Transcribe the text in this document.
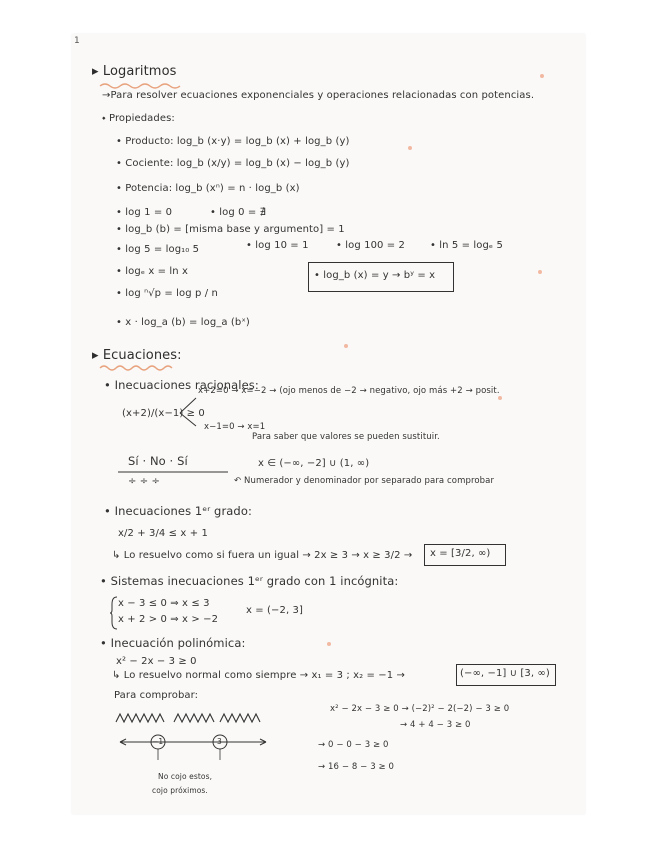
1
▸ Logaritmos
→Para resolver ecuaciones exponenciales y operaciones relacionadas con potencias.
⬩ Propiedades:
• Producto: log_b (x·y) = log_b (x) + log_b (y)
• Cociente: log_b (x/y) = log_b (x) − log_b (y)
• Potencia: log_b (xⁿ) = n · log_b (x)
• log 1 = 0	• log 0 = ∄
• log_b (b) = [misma base y argumento] = 1
• log 5 = log₁₀ 5	• log 10 = 1	• log 100 = 2	• ln 5 = logₑ 5
• logₑ x = ln x
• log ⁿ√p = log p / n
• log_b (x) = y → bʸ = x
• x · log_a (b) = log_a (bˣ)
▸ Ecuaciones:
• Inecuaciones racionales:
x+2=0 → x=−2 → (ojo menos de −2 → negativo, ojo más +2 → posit.
(x+2)/(x−1) ≥ 0
x−1=0 → x=1
Para saber que valores se pueden sustituir.
Sí · No · Sí
÷ ÷ ÷
x ∈ (−∞, −2] ∪ (1, ∞)
↶ Numerador y denominador por separado para comprobar
• Inecuaciones 1ᵉʳ grado:
x/2 + 3/4 ≤ x + 1
↳ Lo resuelvo como si fuera un igual → 2x ≥ 3 → x ≥ 3/2 → x = [3/2, ∞)
• Sistemas inecuaciones 1ᵉʳ grado con 1 incógnita:
x − 3 ≤ 0 ⇒ x ≤ 3
x + 2 > 0 ⇒ x > −2
x = (−2, 3]
• Inecuación polinómica:
x² − 2x − 3 ≥ 0
↳ Lo resuelvo normal como siempre → x₁ = 3 ; x₂ = −1 →	(−∞, −1] ∪ [3, ∞)
Para comprobar:
−1	3
No cojo estos,
cojo próximos.
x² − 2x − 3 ≥ 0 → (−2)² − 2(−2) − 3 ≥ 0
→ 4 + 4 − 3 ≥ 0
→ 0 − 0 − 3 ≥ 0
→ 16 − 8 − 3 ≥ 0
